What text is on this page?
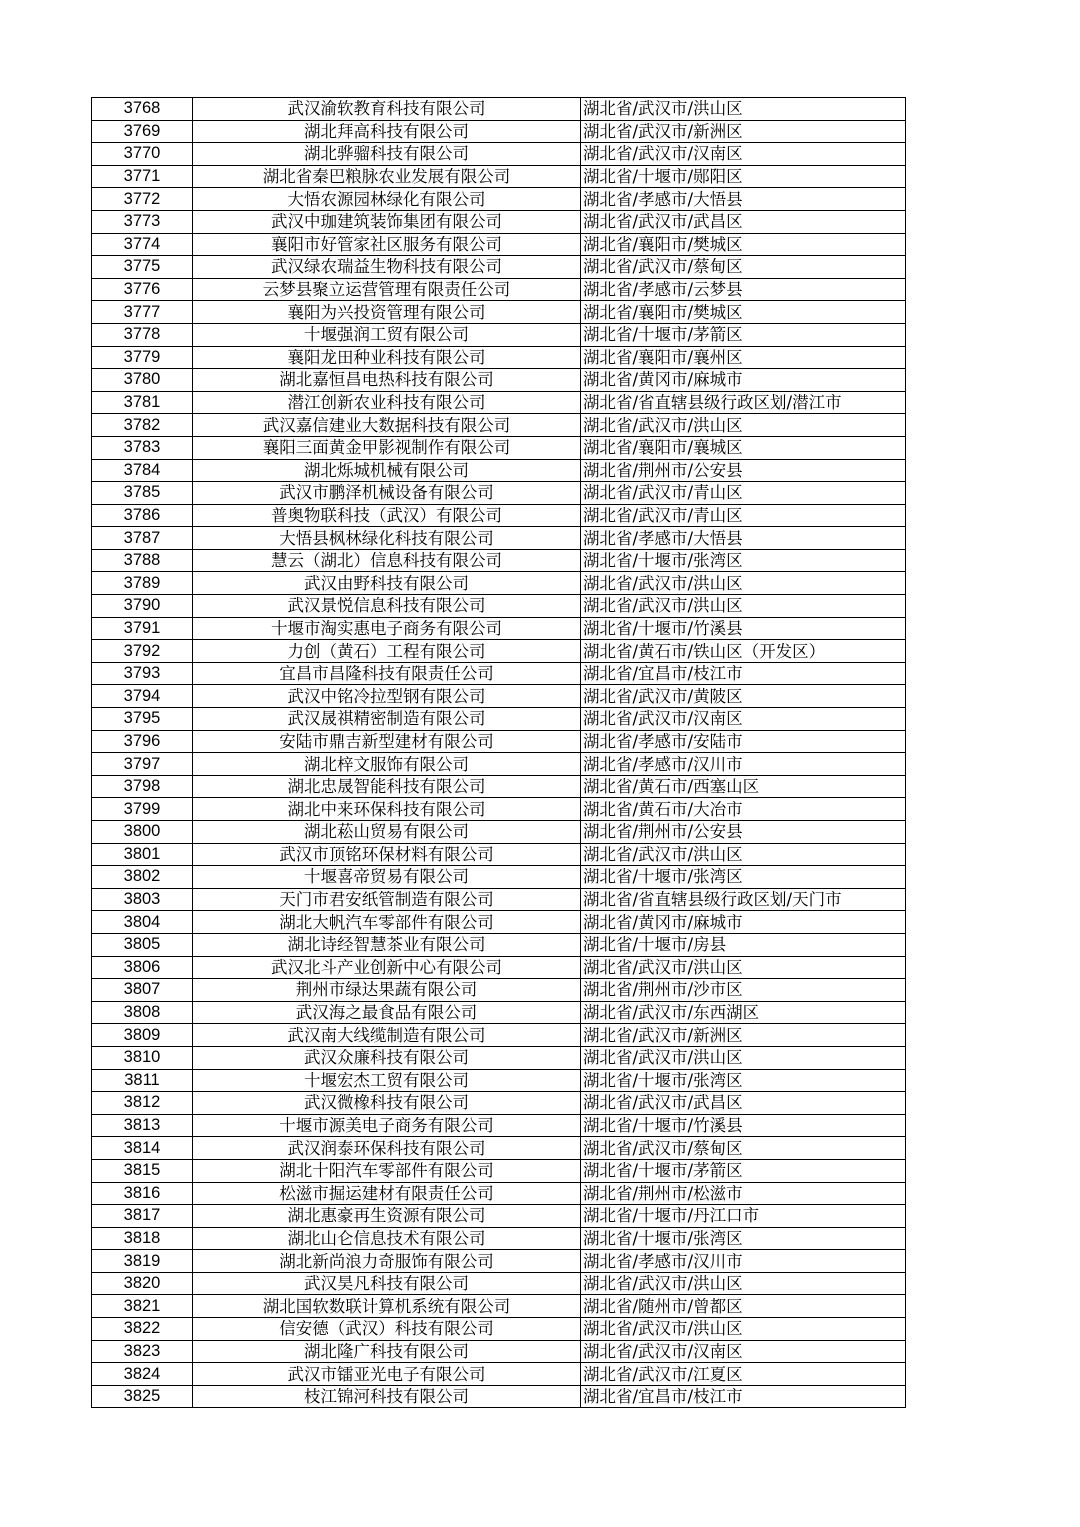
3768	武汉渝软教育科技有限公司	湖北省/武汉市/洪山区
3769	湖北拜高科技有限公司	湖北省/武汉市/新洲区
3770	湖北骅骝科技有限公司	湖北省/武汉市/汉南区
3771	湖北省秦巴粮脉农业发展有限公司	湖北省/十堰市/郧阳区
3772	大悟农源园林绿化有限公司	湖北省/孝感市/大悟县
3773	武汉中珈建筑装饰集团有限公司	湖北省/武汉市/武昌区
3774	襄阳市好管家社区服务有限公司	湖北省/襄阳市/樊城区
3775	武汉绿农瑞益生物科技有限公司	湖北省/武汉市/蔡甸区
3776	云梦县聚立运营管理有限责任公司	湖北省/孝感市/云梦县
3777	襄阳为兴投资管理有限公司	湖北省/襄阳市/樊城区
3778	十堰强润工贸有限公司	湖北省/十堰市/茅箭区
3779	襄阳龙田种业科技有限公司	湖北省/襄阳市/襄州区
3780	湖北嘉恒昌电热科技有限公司	湖北省/黄冈市/麻城市
3781	潜江创新农业科技有限公司	湖北省/省直辖县级行政区划/潜江市
3782	武汉嘉信建业大数据科技有限公司	湖北省/武汉市/洪山区
3783	襄阳三面黄金甲影视制作有限公司	湖北省/襄阳市/襄城区
3784	湖北烁城机械有限公司	湖北省/荆州市/公安县
3785	武汉市鹏泽机械设备有限公司	湖北省/武汉市/青山区
3786	普奥物联科技（武汉）有限公司	湖北省/武汉市/青山区
3787	大悟县枫林绿化科技有限公司	湖北省/孝感市/大悟县
3788	慧云（湖北）信息科技有限公司	湖北省/十堰市/张湾区
3789	武汉由野科技有限公司	湖北省/武汉市/洪山区
3790	武汉景悦信息科技有限公司	湖北省/武汉市/洪山区
3791	十堰市淘实惠电子商务有限公司	湖北省/十堰市/竹溪县
3792	力创（黄石）工程有限公司	湖北省/黄石市/铁山区（开发区）
3793	宜昌市昌隆科技有限责任公司	湖北省/宜昌市/枝江市
3794	武汉中铭冷拉型钢有限公司	湖北省/武汉市/黄陂区
3795	武汉晟祺精密制造有限公司	湖北省/武汉市/汉南区
3796	安陆市鼎吉新型建材有限公司	湖北省/孝感市/安陆市
3797	湖北梓文服饰有限公司	湖北省/孝感市/汉川市
3798	湖北忠晟智能科技有限公司	湖北省/黄石市/西塞山区
3799	湖北中来环保科技有限公司	湖北省/黄石市/大冶市
3800	湖北菘山贸易有限公司	湖北省/荆州市/公安县
3801	武汉市顶铭环保材料有限公司	湖北省/武汉市/洪山区
3802	十堰喜帝贸易有限公司	湖北省/十堰市/张湾区
3803	天门市君安纸管制造有限公司	湖北省/省直辖县级行政区划/天门市
3804	湖北大帆汽车零部件有限公司	湖北省/黄冈市/麻城市
3805	湖北诗经智慧茶业有限公司	湖北省/十堰市/房县
3806	武汉北斗产业创新中心有限公司	湖北省/武汉市/洪山区
3807	荆州市绿达果蔬有限公司	湖北省/荆州市/沙市区
3808	武汉海之最食品有限公司	湖北省/武汉市/东西湖区
3809	武汉南大线缆制造有限公司	湖北省/武汉市/新洲区
3810	武汉众廉科技有限公司	湖北省/武汉市/洪山区
3811	十堰宏杰工贸有限公司	湖北省/十堰市/张湾区
3812	武汉微橡科技有限公司	湖北省/武汉市/武昌区
3813	十堰市源美电子商务有限公司	湖北省/十堰市/竹溪县
3814	武汉润泰环保科技有限公司	湖北省/武汉市/蔡甸区
3815	湖北十阳汽车零部件有限公司	湖北省/十堰市/茅箭区
3816	松滋市掘运建材有限责任公司	湖北省/荆州市/松滋市
3817	湖北惠豪再生资源有限公司	湖北省/十堰市/丹江口市
3818	湖北山仑信息技术有限公司	湖北省/十堰市/张湾区
3819	湖北新尚浪力奇服饰有限公司	湖北省/孝感市/汉川市
3820	武汉昊凡科技有限公司	湖北省/武汉市/洪山区
3821	湖北国软数联计算机系统有限公司	湖北省/随州市/曾都区
3822	信安德（武汉）科技有限公司	湖北省/武汉市/洪山区
3823	湖北隆广科技有限公司	湖北省/武汉市/汉南区
3824	武汉市镭亚光电子有限公司	湖北省/武汉市/江夏区
3825	枝江锦河科技有限公司	湖北省/宜昌市/枝江市
